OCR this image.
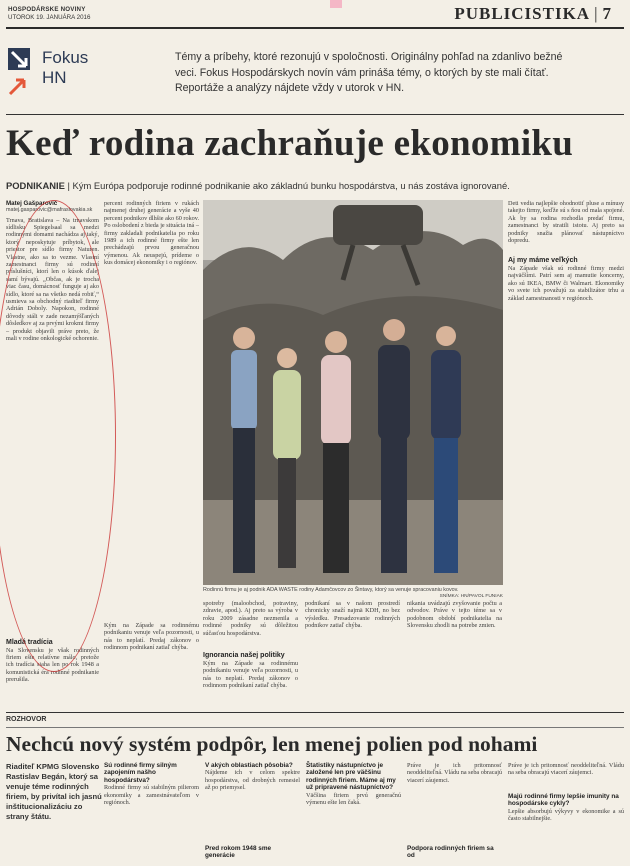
HOSPODÁRSKE NOVINY
UTOROK 19. JANUÁRA 2016	PUBLICISTIKA | 7
Fokus
HN
Témy a príbehy, ktoré rezonujú v spoločnosti. Originálny pohľad na zdanlivo bežné veci. Fokus Hospodárskych novín vám prináša témy, o ktorých by ste mali čítať. Reportáže a analýzy nájdete vždy v utorok v HN.
Keď rodina zachraňuje ekonomiku
PODNIKANIE | Kým Európa podporuje rodinné podnikanie ako základnú bunku hospodárstva, u nás zostáva ignorované.
Matej Gašparovič
matej.gasparovic@mafraslovakia.sk

Trnava, Bratislava – Na trnavskom sídlisku Spiegelsaal sa medzi rodinnými domami nachádza aj taký, ktorý neposkytuje príbytok, ale priestor pre sídlo firmy Naturen. Vlastne, ako sa to vezme. Vlastní zamestnanci firmy sú rodinní príslušníci, ktorí len o kúsok ďalej samí bývajú. „Občas, ak je trocha viac času, domácnosť funguje aj ako sídlo, ktoré sa na všetko nedá robiť,“ usmieva sa obchodný riaditeľ firmy Adrián Doboly. Napokon, rodinné dôvody stáli v zade nezamýšľaných dôsledkov aj za prvými krokmi firmy – produkt objavili práve preto, že mali v rodine onkologické ochorenie.

Mladá tradícia

Na Slovensku je však rodinných firiem ešte relatívne málo, pretože ich tradícia siaha len po rok 1948 a komunistická éra rodinné podnikanie prerušila.

percent rodinných firiem v rukách najmenej druhej generácie a vyše 40 percent podnikov dlhšie ako 60 rokov. Po oslobodení z bieda je situácia iná – firmy zakladali podnikatelia po roku 1989 a ich rodinné firmy ešte len prechádzajú prvou generačnou výmenou. Ak neuspejú, prídeme o kus domácej ekonomiky i o regiónov.

Rodinnú firmu je aj podnik ADA WASTE rodiny Adamčovcov zo Šintavy, ktorý sa venuje spracovaniu kovov.
SNÍMKA: HN/PAVOL FUNIAK

Kým na Západe sa rodinnému podnikaniu venuje veľa pozornosti, u nás to neplatí. Predaj zákonov o rodinnom podnikaní zatiaľ chýba.

spotreby (maloobchod, potraviny, zdravie, apod.). Aj preto sa výroba v roku 2009 zásadne nezmenila a rodinné podniky sú dôležitou súčasťou hospodárstva.

Ignorancia našej politiky

Kým na Západe sa rodinnému podnikaniu venuje veľa pozornosti, u nás to neplatí. Predaj zákonov o rodinnom podnikaní zatiaľ chýba.

podnikaní sa v našom prostredí chronicky snaží najmä KDH, no bez výsledku. Presadzovanie rodinných podnikov zatiaľ chýba.

nikania uvádzajú zvyšovanie počtu a odvodov. Práve v tejto téme sa v podobnom období podnikatelia na Slovensku zhodli na potrebe zmien.

Deti vedia najlepšie ohodnotiť pluse a mínusy takejto firmy, keďže sú s ňou od mala spojené. Ak by sa rodina rozhodla predať firmu, zamestnanci by stratili istotu. Aj preto sa podniky snažia plánovať nástupníctvo dopredu.

Aj my máme veľkých

Na Západe však sú rodinné firmy medzi najväčšími. Patrí sem aj mamutie koncerny, ako sú IKEA, BMW či Walmart. Ekonomiky vo svete ich považujú za stabilizátor trhu a základ zamestnanosti v regiónoch.

ROZHOVOR
Nechcú nový systém podpôr, len menej polien pod nohami
Riaditeľ KPMG Slovensko Rastislav Begán, ktorý sa venuje téme rodinných firiem, by privítal ich jasnú inštitucionalizáciu zo strany štátu.
Sú rodinné firmy silným zapojením našho hospodárstva?

Rodinné firmy sú stabilným pilierom ekonomiky a zamestnávateľom v regiónoch.

V akých oblastiach pôsobia?

Nájdeme ich v celom spektre hospodárstva, od drobných remesiel až po priemysel.

Pred rokom 1948 sme generácie
Štatistiky nástupníctvo je založené len pre väčšinu rodinných firiem. Máme aj my už pripravené nástupníctvo?

Väčšina firiem prvú generačnú výmenu ešte len čaká.

Práve je ich pritomnosť neoddeliteľná. Vládu na seba obracajú viacerí záujemci.

Podpora rodinných firiem sa od

Práve je ich pritomnosť neoddeliteľná. Vládu na seba obracajú viacerí záujemci.

Majú rodinné firmy lepšie imunity na hospodárske cykly?

Lepšie absorbujú výkyvy v ekonomike a sú často stabilnejšie.
